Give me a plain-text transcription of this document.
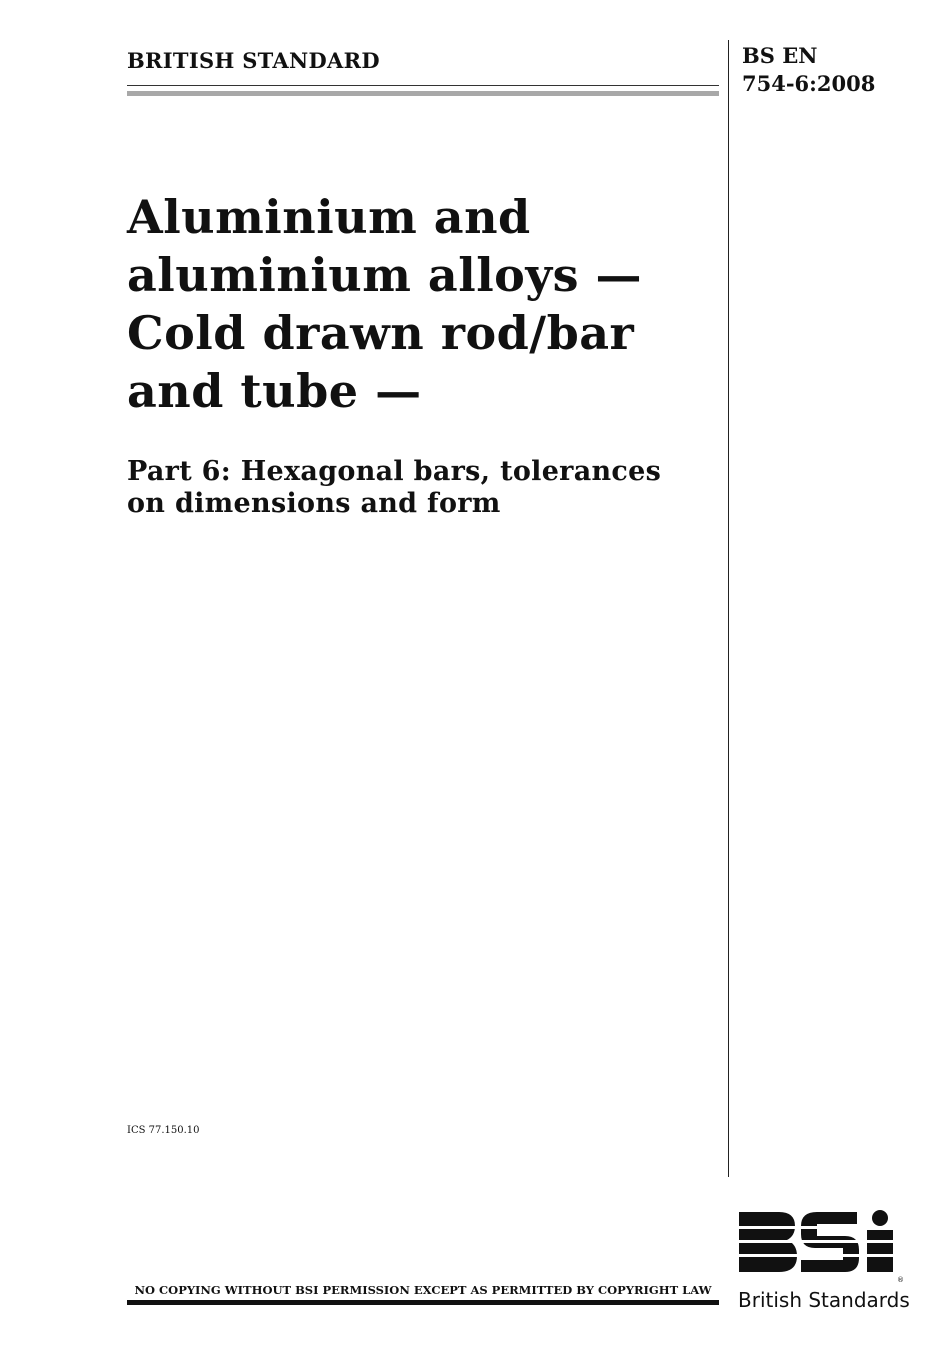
BRITISH STANDARD	BS EN
754-6:2008
Aluminium and
aluminium alloys —
Cold drawn rod/bar
and tube —
Part 6: Hexagonal bars, tolerances
on dimensions and form
ICS 77.150.10
NO COPYING WITHOUT BSI PERMISSION EXCEPT AS PERMITTED BY COPYRIGHT LAW
®
British Standards
